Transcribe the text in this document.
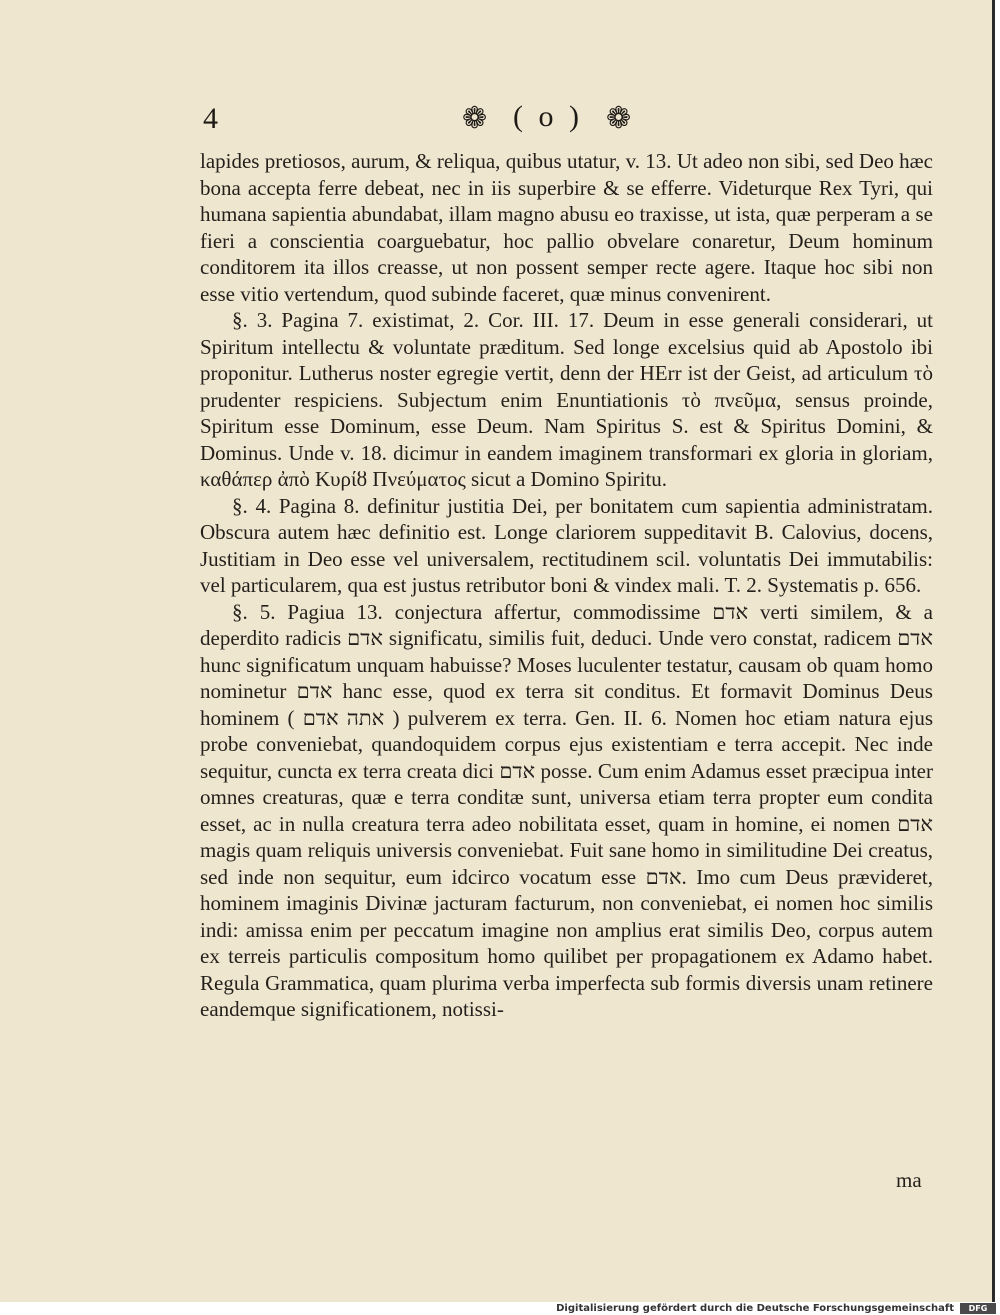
4	❁ ( o ) ❁

lapides pretiosos, aurum, & reliqua, quibus utatur, v. 13. Ut adeo non sibi, sed Deo hæc bona accepta ferre debeat, nec in iis superbire & se efferre. Videturque Rex Tyri, qui humana sapientia abundabat, illam magno abusu eo traxisse, ut ista, quæ perperam a se fieri a conscientia coarguebatur, hoc pallio obvelare conaretur, Deum hominum conditorem ita illos creasse, ut non possent semper recte agere. Itaque hoc sibi non esse vitio vertendum, quod subinde faceret, quæ minus convenirent.

§. 3. Pagina 7. existimat, 2. Cor. III. 17. Deum in esse generali considerari, ut Spiritum intellectu & voluntate præditum. Sed longe excelsius quid ab Apostolo ibi proponitur. Lutherus noster egregie vertit, denn der HErr ist der Geist, ad articulum τὸ prudenter respiciens. Subjectum enim Enuntiationis τὸ πνεῦμα, sensus proinde, Spiritum esse Dominum, esse Deum. Nam Spiritus S. est & Spiritus Domini, & Dominus. Unde v. 18. dicimur in eandem imaginem transformari ex gloria in gloriam, καθάπερ ἀπὸ Κυρίȣ Πνεύματος sicut a Domino Spiritu.

§. 4. Pagina 8. definitur justitia Dei, per bonitatem cum sapientia administratam. Obscura autem hæc definitio est. Longe clariorem suppeditavit B. Calovius, docens, Justitiam in Deo esse vel universalem, rectitudinem scil. voluntatis Dei immutabilis: vel particularem, qua est justus retributor boni & vindex mali. T. 2. Systematis p. 656.

§. 5. Pagiua 13. conjectura affertur, commodissime אדם verti similem, & a deperdito radicis אדם significatu, similis fuit, deduci. Unde vero constat, radicem אדם hunc significatum unquam habuisse? Moses luculenter testatur, causam ob quam homo nominetur אדם hanc esse, quod ex terra sit conditus. Et formavit Dominus Deus hominem ( אתה אדם ) pulverem ex terra. Gen. II. 6. Nomen hoc etiam natura ejus probe conveniebat, quandoquidem corpus ejus existentiam e terra accepit. Nec inde sequitur, cuncta ex terra creata dici אדם posse. Cum enim Adamus esset præcipua inter omnes creaturas, quæ e terra conditæ sunt, universa etiam terra propter eum condita esset, ac in nulla creatura terra adeo nobilitata esset, quam in homine, ei nomen אדם magis quam reliquis universis conveniebat. Fuit sane homo in similitudine Dei creatus, sed inde non sequitur, eum idcirco vocatum esse אדם. Imo cum Deus prævideret, hominem imaginis Divinæ jacturam facturum, non conveniebat, ei nomen hoc similis indi: amissa enim per peccatum imagine non amplius erat similis Deo, corpus autem ex terreis particulis compositum homo quilibet per propagationem ex Adamo habet. Regula Grammatica, quam plurima verba imperfecta sub formis diversis unam retinere eandemque significationem, notissi-

ma
Digitalisierung gefördert durch die Deutsche Forschungsgemeinschaft	DFG
